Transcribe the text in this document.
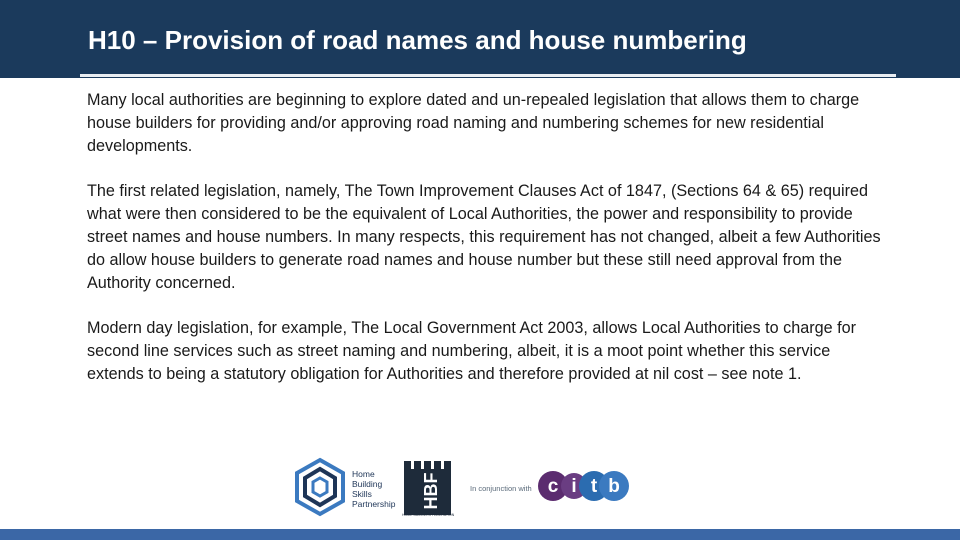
H10 – Provision of road names and house numbering

Many local authorities are beginning to explore dated and un-repealed legislation that allows them to charge house builders for providing and/or approving road naming and numbering schemes for new residential developments.

The first related legislation, namely, The Town Improvement Clauses Act of 1847, (Sections 64 & 65) required what were then considered to be the equivalent of Local Authorities, the power and responsibility to provide street names and house numbers. In many respects, this requirement has not changed, albeit a few Authorities do allow house builders to generate road names and house number but these still need approval from the Authority concerned.

Modern day legislation, for example, The Local Government Act 2003, allows Local Authorities to charge for second line services such as street naming and numbering, albeit, it is a moot point whether this service extends to being a statutory obligation for Authorities and therefore provided at nil cost – see note 1.

Home
Building
Skills
Partnership	HBF
HOME BUILDERS FEDERATION
In conjunction with c i t b
